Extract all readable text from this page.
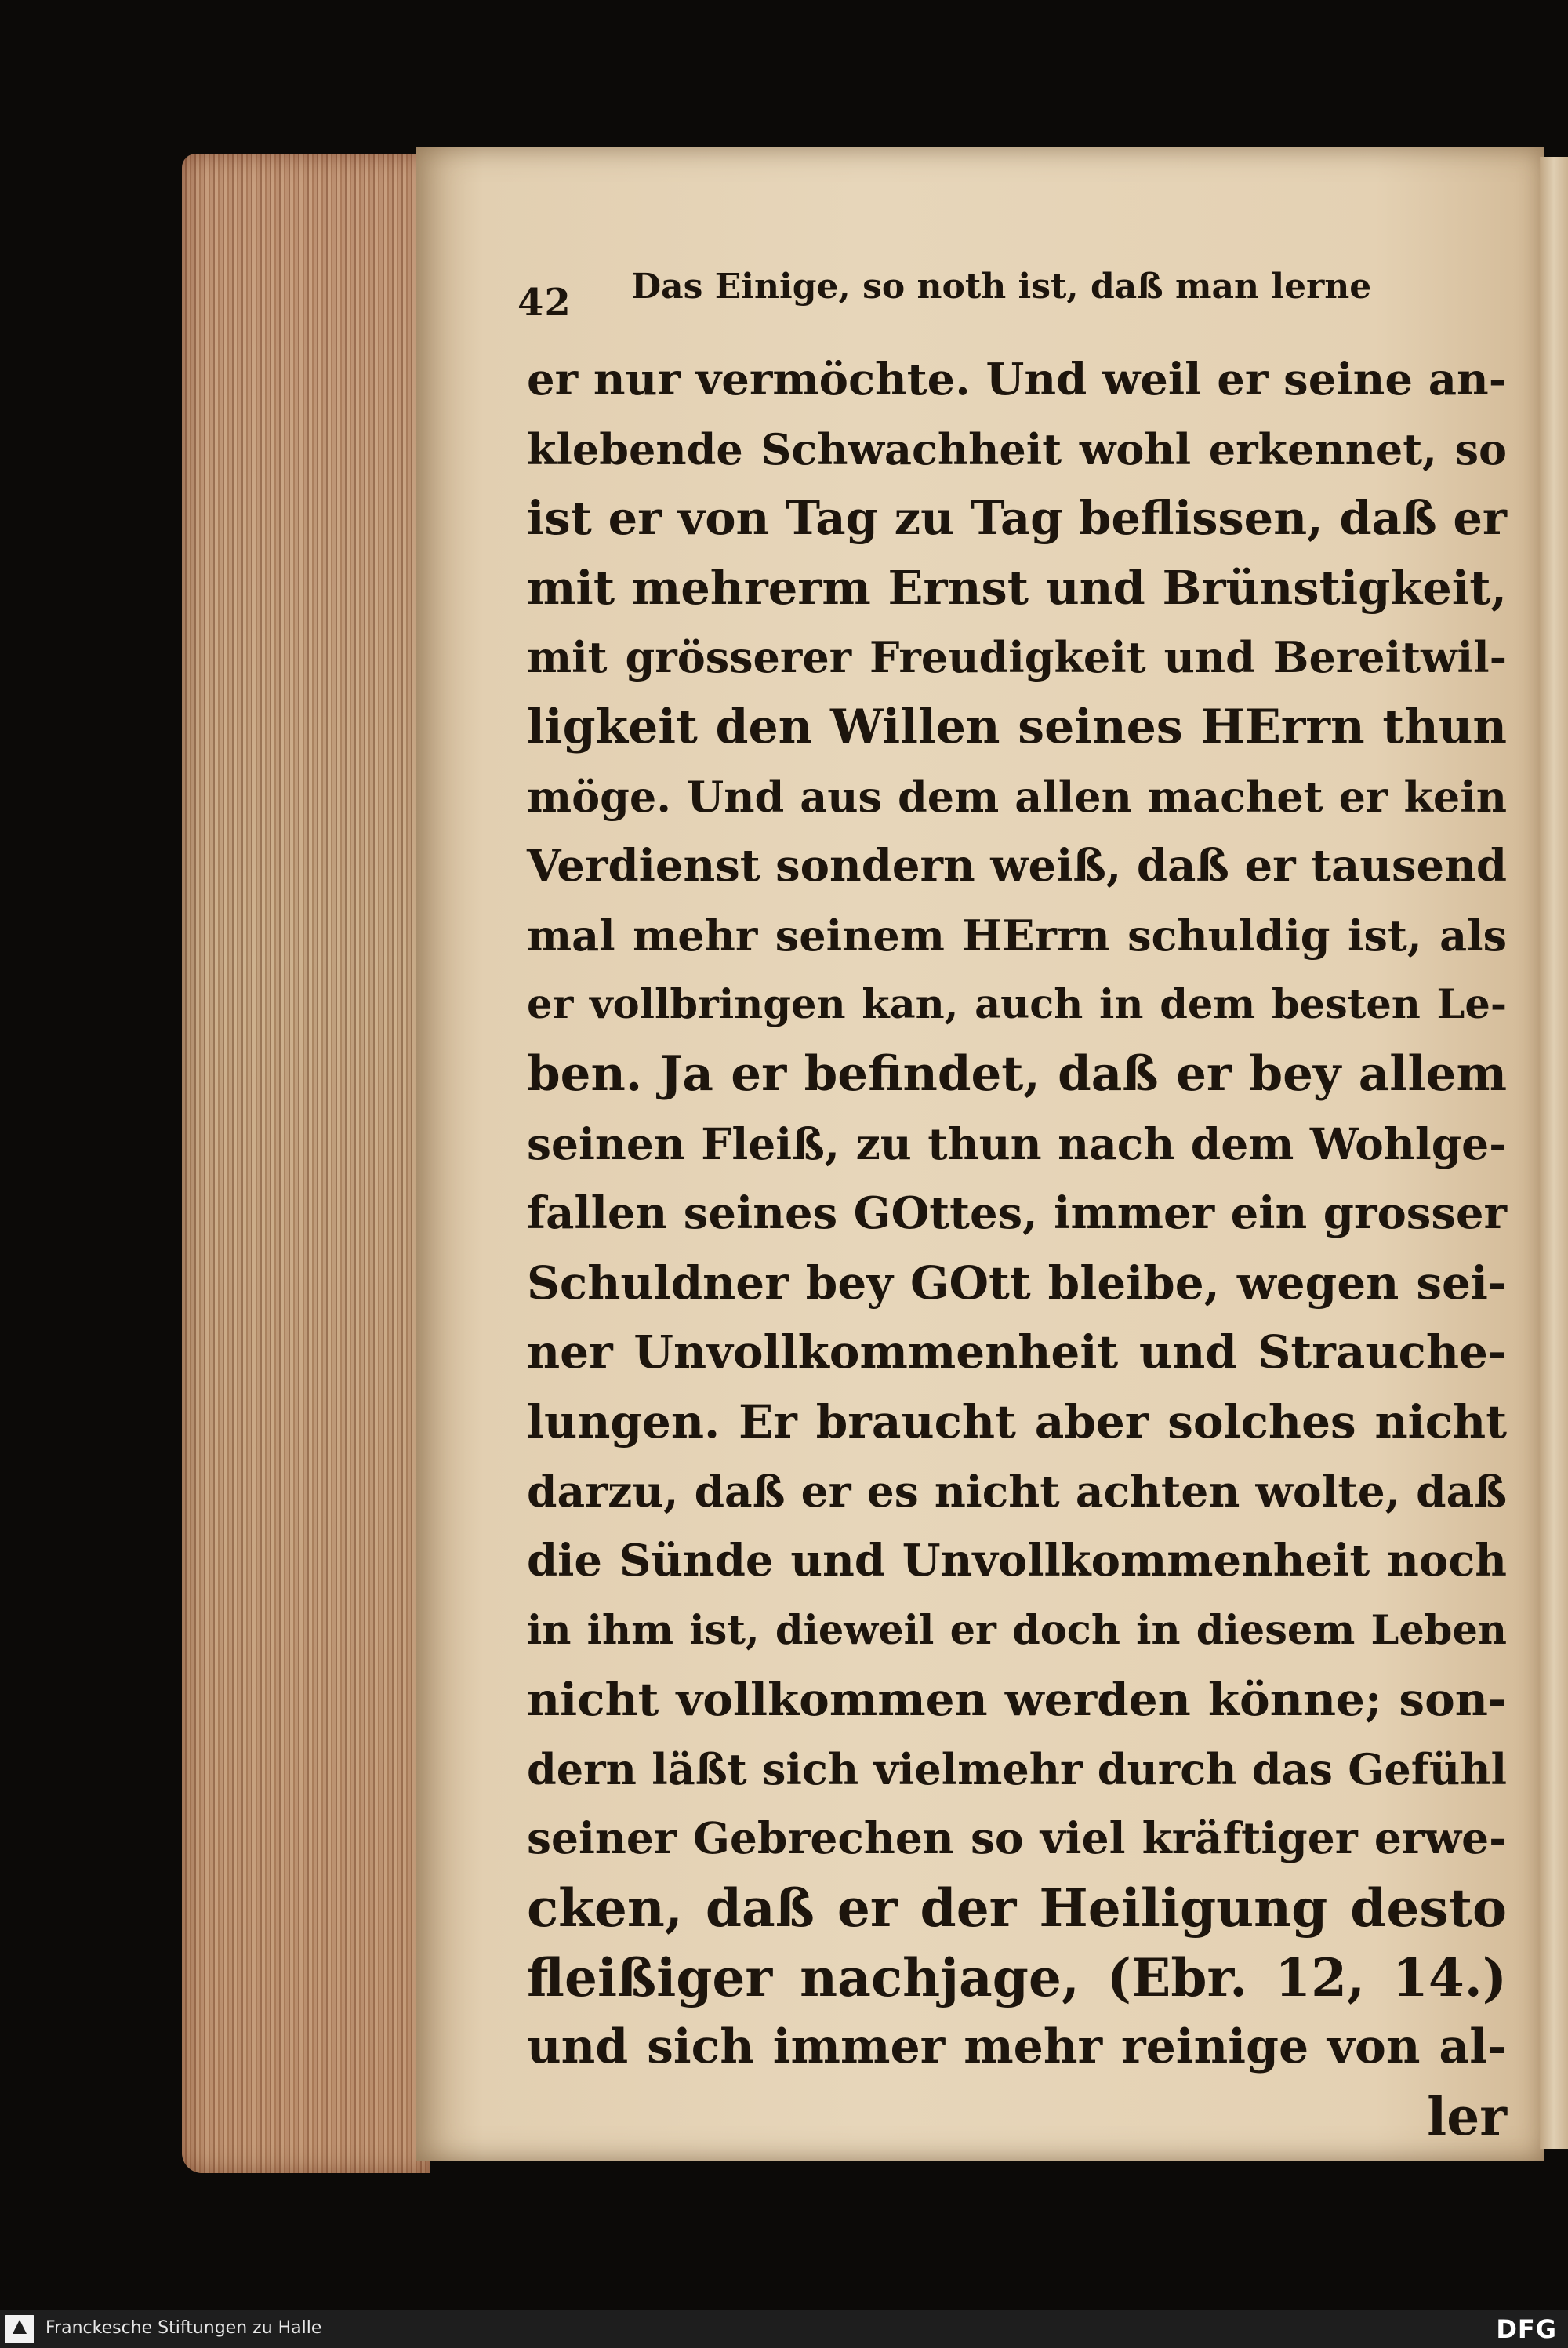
42 Das Einige, so noth ist, daß man lerne
er nur vermöchte. Und weil er seine an-
klebende Schwachheit wohl erkennet, so
ist er von Tag zu Tag beflissen, daß er
mit mehrerm Ernst und Brünstigkeit,
mit grösserer Freudigkeit und Bereitwil-
ligkeit den Willen seines HErrn thun
möge. Und aus dem allen machet er kein
Verdienst sondern weiß, daß er tausend
mal mehr seinem HErrn schuldig ist, als
er vollbringen kan, auch in dem besten Le-
ben. Ja er befindet, daß er bey allem
seinen Fleiß, zu thun nach dem Wohlge-
fallen seines GOttes, immer ein grosser
Schuldner bey GOtt bleibe, wegen sei-
ner Unvollkommenheit und Strauche-
lungen. Er braucht aber solches nicht
darzu, daß er es nicht achten wolte, daß
die Sünde und Unvollkommenheit noch
in ihm ist, dieweil er doch in diesem Leben
nicht vollkommen werden könne; son-
dern läßt sich vielmehr durch das Gefühl
seiner Gebrechen so viel kräftiger erwe-
cken, daß er der Heiligung desto
fleißiger nachjage, (Ebr. 12, 14.)
und sich immer mehr reinige von al-
ler
Franckesche Stiftungen zu Halle	DFG
